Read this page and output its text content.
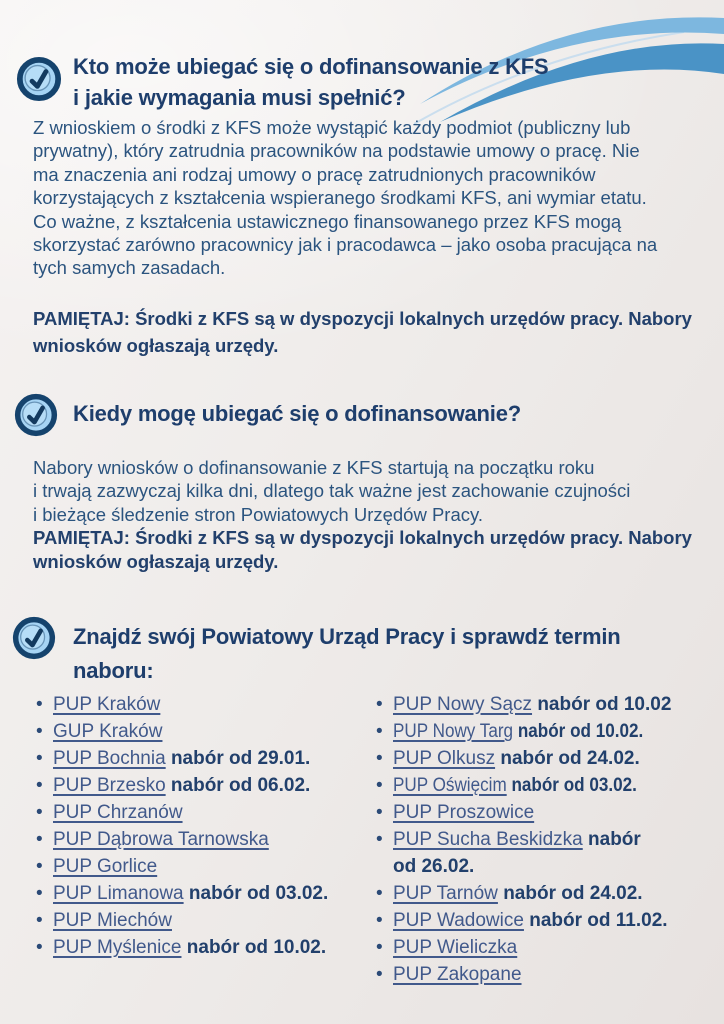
Kto może ubiegać się o dofinansowanie z KFS
i jakie wymagania musi spełnić?
Z wnioskiem o środki z KFS może wystąpić każdy podmiot (publiczny lub
prywatny), który zatrudnia pracowników na podstawie umowy o pracę. Nie
ma znaczenia ani rodzaj umowy o pracę zatrudnionych pracowników
korzystających z kształcenia wspieranego środkami KFS, ani wymiar etatu.
Co ważne, z kształcenia ustawicznego finansowanego przez KFS mogą
skorzystać zarówno pracownicy jak i pracodawca – jako osoba pracująca na
tych samych zasadach.
PAMIĘTAJ: Środki z KFS są w dyspozycji lokalnych urzędów pracy. Nabory
wniosków ogłaszają urzędy.
Kiedy mogę ubiegać się o dofinansowanie?
Nabory wniosków o dofinansowanie z KFS startują na początku roku
i trwają zazwyczaj kilka dni, dlatego tak ważne jest zachowanie czujności
i bieżące śledzenie stron Powiatowych Urzędów Pracy.
PAMIĘTAJ: Środki z KFS są w dyspozycji lokalnych urzędów pracy. Nabory
wniosków ogłaszają urzędy.
Znajdź swój Powiatowy Urząd Pracy i sprawdź termin
naboru:
• PUP Kraków
• GUP Kraków
• PUP Bochnia nabór od 29.01.
• PUP Brzesko nabór od 06.02.
• PUP Chrzanów
• PUP Dąbrowa Tarnowska
• PUP Gorlice
• PUP Limanowa nabór od 03.02.
• PUP Miechów
• PUP Myślenice nabór od 10.02.
• PUP Nowy Sącz nabór od 10.02
• PUP Nowy Targ nabór od 10.02.
• PUP Olkusz nabór od 24.02.
• PUP Oświęcim nabór od 03.02.
• PUP Proszowice
• PUP Sucha Beskidzka nabór
od 26.02.
• PUP Tarnów nabór od 24.02.
• PUP Wadowice nabór od 11.02.
• PUP Wieliczka
• PUP Zakopane
